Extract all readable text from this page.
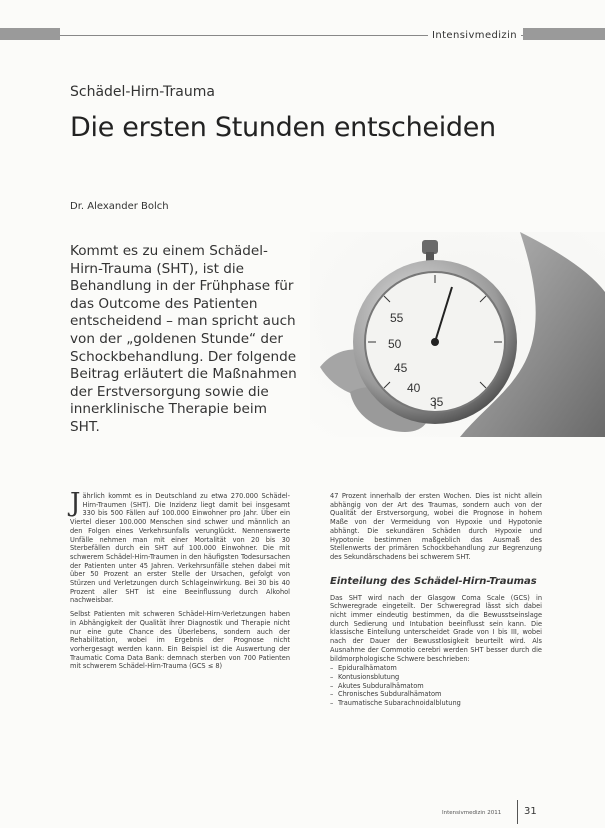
Intensivmedizin
Schädel-Hirn-Trauma
Die ersten Stunden entscheiden
Dr. Alexander Bolch
Kommt es zu einem Schädel-Hirn-Trauma (SHT), ist die Behandlung in der Frühphase für das Outcome des Patienten entscheidend – man spricht auch von der „goldenen Stunde“ der Schockbehandlung. Der folgende Beitrag erläutert die Maßnahmen der Erstversorgung sowie die innerklinische Therapie beim SHT.
55
50
45
40
35

Jährlich kommt es in Deutschland zu etwa 270.000 Schädel-Hirn-Traumen (SHT). Die Inzidenz liegt damit bei insgesamt 330 bis 500 Fällen auf 100.000 Einwohner pro Jahr. Über ein Viertel dieser 100.000 Menschen sind schwer und männlich an den Folgen eines Verkehrsunfalls verunglückt. Nennenswerte Unfälle nehmen man mit einer Mortalität von 20 bis 30 Sterbefällen durch ein SHT auf 100.000 Einwohner. Die mit schwerem Schädel-Hirn-Traumen in den häufigsten Todesursachen der Patienten unter 45 Jahren. Verkehrsunfälle stehen dabei mit über 50 Prozent an erster Stelle der Ursachen, gefolgt von Stürzen und Verletzungen durch Schlageinwirkung. Bei 30 bis 40 Prozent aller SHT ist eine Beeinflussung durch Alkohol nachweisbar.

Selbst Patienten mit schweren Schädel-Hirn-Verletzungen haben in Abhängigkeit der Qualität ihrer Diagnostik und Therapie nicht nur eine gute Chance des Überlebens, sondern auch der Rehabilitation, wobei im Ergebnis der Prognose nicht vorhergesagt werden kann. Ein Beispiel ist die Auswertung der Traumatic Coma Data Bank: demnach sterben von 700 Patienten mit schwerem Schädel-Hirn-Trauma (GCS ≤ 8)

47 Prozent innerhalb der ersten Wochen. Dies ist nicht allein abhängig von der Art des Traumas, sondern auch von der Qualität der Erstversorgung, wobei die Prognose in hohem Maße von der Vermeidung von Hypoxie und Hypotonie abhängt. Die sekundären Schäden durch Hypoxie und Hypotonie bestimmen maßgeblich das Ausmaß des Stellenwerts der primären Schockbehandlung zur Begrenzung des Sekundärschadens bei schwerem SHT.

Einteilung des Schädel-Hirn-Traumas

Das SHT wird nach der Glasgow Coma Scale (GCS) in Schweregrade eingeteilt. Der Schweregrad lässt sich dabei nicht immer eindeutig bestimmen, da die Bewusstseinslage durch Sedierung und Intubation beeinflusst sein kann. Die klassische Einteilung unterscheidet Grade von I bis III, wobei nach der Dauer der Bewusstlosigkeit beurteilt wird. Als Ausnahme der Commotio cerebri werden SHT besser durch die bildmorphologische Schwere beschrieben:

– Epiduralhämatom
– Kontusionsblutung
– Akutes Subduralhämatom
– Chronisches Subduralhämatom
– Traumatische Subarachnoidalblutung
Intensivmedizin 2011 31
